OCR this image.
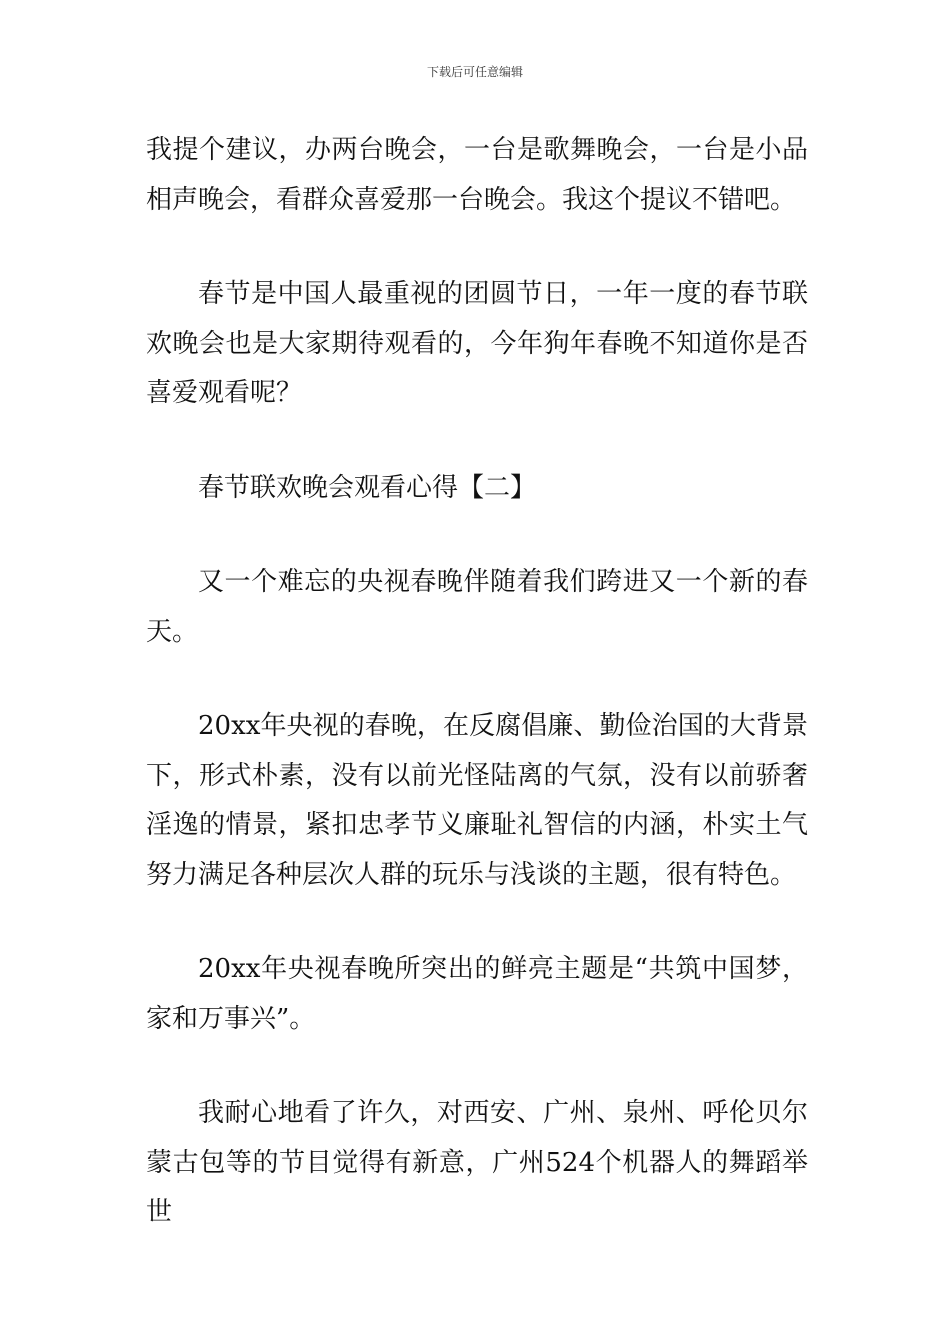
下载后可任意编辑

我提个建议，办两台晚会，一台是歌舞晚会，一台是小品相声晚会，看群众喜爱那一台晚会。我这个提议不错吧。

春节是中国人最重视的团圆节日，一年一度的春节联欢晚会也是大家期待观看的，今年狗年春晚不知道你是否喜爱观看呢？

春节联欢晚会观看心得【二】

又一个难忘的央视春晚伴随着我们跨进又一个新的春天。

20xx年央视的春晚，在反腐倡廉、勤俭治国的大背景下，形式朴素，没有以前光怪陆离的气氛，没有以前骄奢淫逸的情景，紧扣忠孝节义廉耻礼智信的内涵，朴实土气努力满足各种层次人群的玩乐与浅谈的主题，很有特色。

20xx年央视春晚所突出的鲜亮主题是“共筑中国梦，家和万事兴”。

我耐心地看了许久，对西安、广州、泉州、呼伦贝尔蒙古包等的节目觉得有新意，广州524个机器人的舞蹈举世
